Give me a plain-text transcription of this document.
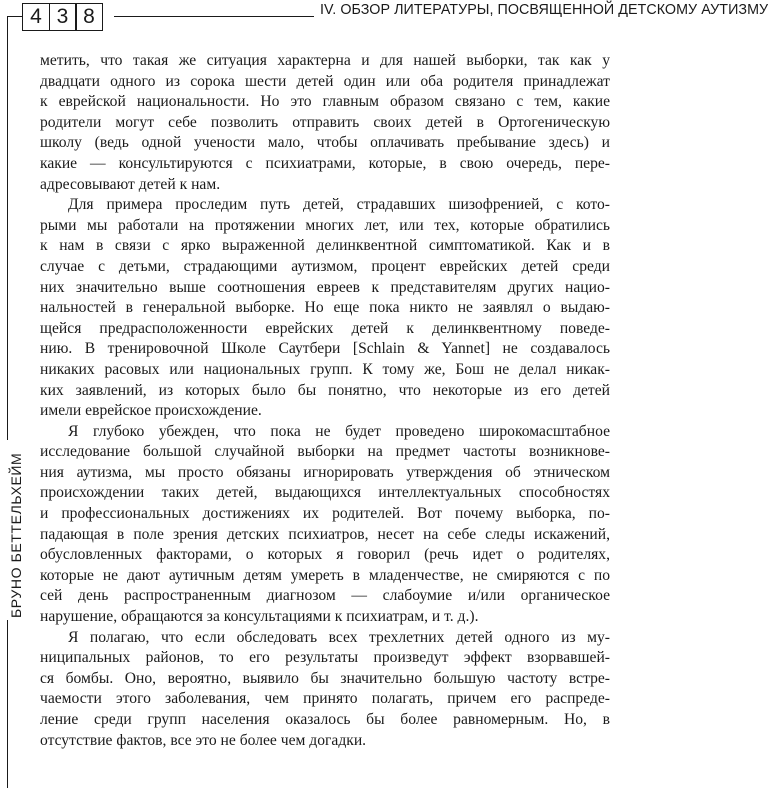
4 3 8	IV. ОБЗОР ЛИТЕРАТУРЫ, ПОСВЯЩЕННОЙ ДЕТСКОМУ АУТИЗМУ
БРУНО БЕТТЕЛЬХЕЙМ

метить, что такая же ситуация характерна и для нашей выборки, так как у

двадцати одного из сорока шести детей один или оба родителя принадлежат

к еврейской национальности. Но это главным образом связано с тем, какие

родители могут себе позволить отправить своих детей в Ортогеническую

школу (ведь одной учености мало, чтобы оплачивать пребывание здесь) и

какие — консультируются с психиатрами, которые, в свою очередь, пере-

адресовывают детей к нам.

Для примера проследим путь детей, страдавших шизофренией, с кото-

рыми мы работали на протяжении многих лет, или тех, которые обратились

к нам в связи с ярко выраженной делинквентной симптоматикой. Как и в

случае с детьми, страдающими аутизмом, процент еврейских детей среди

них значительно выше соотношения евреев к представителям других нацио-

нальностей в генеральной выборке. Но еще пока никто не заявлял о выдаю-

щейся предрасположенности еврейских детей к делинквентному поведе-

нию. В тренировочной Школе Саутбери [Schlain & Yannet] не создавалось

никаких расовых или национальных групп. К тому же, Бош не делал никак-

ких заявлений, из которых было бы понятно, что некоторые из его детей

имели еврейское происхождение.

Я глубоко убежден, что пока не будет проведено широкомасштабное

исследование большой случайной выборки на предмет частоты возникнове-

ния аутизма, мы просто обязаны игнорировать утверждения об этническом

происхождении таких детей, выдающихся интеллектуальных способностях

и профессиональных достижениях их родителей. Вот почему выборка, по-

падающая в поле зрения детских психиатров, несет на себе следы искажений,

обусловленных факторами, о которых я говорил (речь идет о родителях,

которые не дают аутичным детям умереть в младенчестве, не смиряются с по

сей день распространенным диагнозом — слабоумие и/или органическое

нарушение, обращаются за консультациями к психиатрам, и т. д.).

Я полагаю, что если обследовать всех трехлетних детей одного из му-

ниципальных районов, то его результаты произведут эффект взорвавшей-

ся бомбы. Оно, вероятно, выявило бы значительно большую частоту встре-

чаемости этого заболевания, чем принято полагать, причем его распреде-

ление среди групп населения оказалось бы более равномерным. Но, в

отсутствие фактов, все это не более чем догадки.
